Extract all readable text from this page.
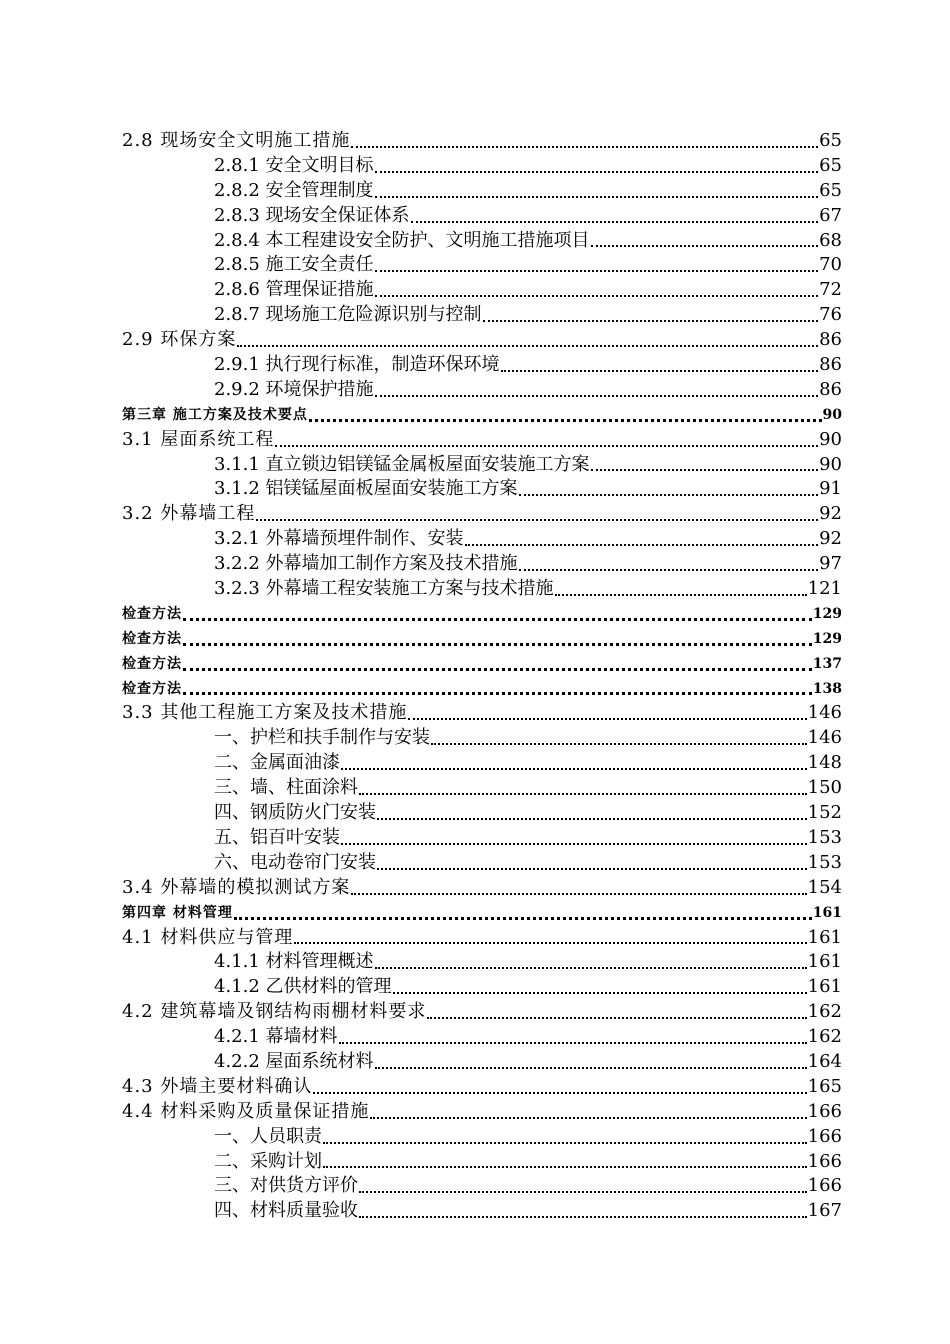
2.8 现场安全文明施工措施	65
2.8.1 安全文明目标	65
2.8.2 安全管理制度	65
2.8.3 现场安全保证体系	67
2.8.4 本工程建设安全防护、文明施工措施项目	68
2.8.5 施工安全责任	70
2.8.6 管理保证措施	72
2.8.7 现场施工危险源识别与控制	76
2.9 环保方案	86
2.9.1 执行现行标准，制造环保环境	86
2.9.2 环境保护措施	86
第三章 施工方案及技术要点	90
3.1 屋面系统工程	90
3.1.1 直立锁边铝镁锰金属板屋面安装施工方案	90
3.1.2 铝镁锰屋面板屋面安装施工方案	91
3.2 外幕墙工程	92
3.2.1 外幕墙预埋件制作、安装	92
3.2.2 外幕墙加工制作方案及技术措施	97
3.2.3 外幕墙工程安装施工方案与技术措施	121
检查方法	129
检查方法	129
检查方法	137
检查方法	138
3.3 其他工程施工方案及技术措施	146
一、护栏和扶手制作与安装	146
二、金属面油漆	148
三、墙、柱面涂料	150
四、钢质防火门安装	152
五、铝百叶安装	153
六、电动卷帘门安装	153
3.4 外幕墙的模拟测试方案	154
第四章 材料管理	161
4.1 材料供应与管理	161
4.1.1 材料管理概述	161
4.1.2 乙供材料的管理	161
4.2 建筑幕墙及钢结构雨棚材料要求	162
4.2.1 幕墙材料	162
4.2.2 屋面系统材料	164
4.3 外墙主要材料确认	165
4.4 材料采购及质量保证措施	166
一、人员职责	166
二、采购计划	166
三、对供货方评价	166
四、材料质量验收	167
